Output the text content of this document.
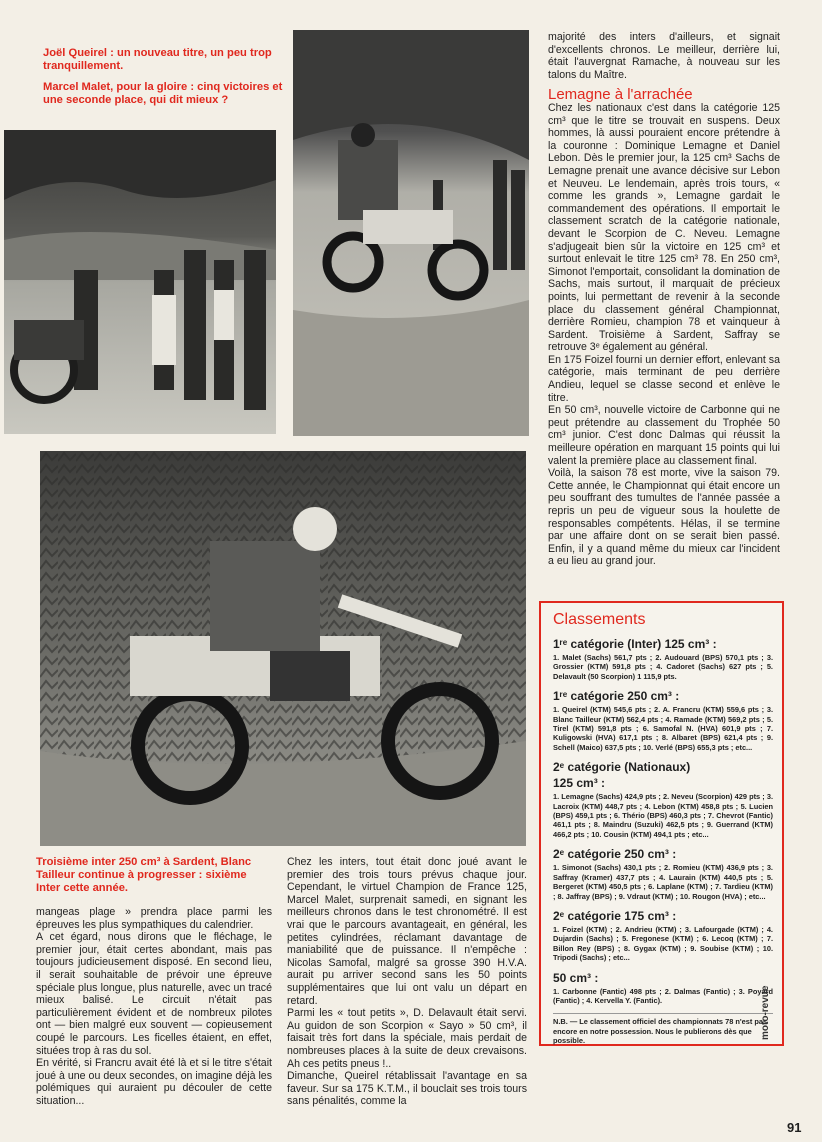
Joël Queirel : un nouveau titre, un peu trop tranquillement.
Marcel Malet, pour la gloire : cinq victoires et une seconde place, qui dit mieux ?
majorité des inters d'ailleurs, et signait d'excellents chronos. Le meilleur, derrière lui, était l'auvergnat Ramache, à nouveau sur les talons du Maître.
Lemagne à l'arrachée

Chez les nationaux c'est dans la catégorie 125 cm³ que le titre se trouvait en suspens. Deux hommes, là aussi pouraient encore prétendre à la couronne : Dominique Lemagne et Daniel Lebon. Dès le premier jour, la 125 cm³ Sachs de Lemagne prenait une avance décisive sur Lebon et Neuveu. Le lendemain, après trois tours, « comme les grands », Lemagne gardait le commandement des opérations. Il emportait le classement scratch de la catégorie nationale, devant le Scorpion de C. Neveu. Lemagne s'adjugeait bien sûr la victoire en 125 cm³ et surtout enlevait le titre 125 cm³ 78. En 250 cm³, Simonot l'emportait, consolidant la domination de Sachs, mais surtout, il marquait de précieux points, lui permettant de revenir à la seconde place du classement général Championnat, derrière Romieu, champion 78 et vainqueur à Sardent. Troisième à Sardent, Saffray se retrouve 3ᵉ également au général.

En 175 Foizel fourni un dernier effort, enlevant sa catégorie, mais terminant de peu derrière Andieu, lequel se classe second et enlève le titre.

En 50 cm³, nouvelle victoire de Carbonne qui ne peut prétendre au classement du Trophée 50 cm³ junior. C'est donc Dalmas qui réussit la meilleure opération en marquant 15 points qui lui valent la première place au classement final.

Voilà, la saison 78 est morte, vive la saison 79. Cette année, le Championnat qui était encore un peu souffrant des tumultes de l'année passée a repris un peu de vigueur sous la houlette de responsables compétents. Hélas, il se termine par une affaire dont on se serait bien passé. Enfin, il y a quand même du mieux car l'incident a eu lieu au grand jour.

Troisième inter 250 cm³ à Sardent, Blanc Tailleur continue à progresser : sixième Inter cette année.

mangeas plage » prendra place parmi les épreuves les plus sympathiques du calendrier.

A cet égard, nous dirons que le fléchage, le premier jour, était certes abondant, mais pas toujours judicieusement disposé. En second lieu, il serait souhaitable de prévoir une épreuve spéciale plus longue, plus naturelle, avec un tracé mieux balisé. Le circuit n'était pas particulièrement évident et de nombreux pilotes ont — bien malgré eux souvent — copieusement coupé le parcours. Les ficelles étaient, en effet, situées trop à ras du sol.

En vérité, si Francru avait été là et si le titre s'était joué à une ou deux secondes, on imagine déjà les polémiques qui auraient pu découler de cette situation...

Chez les inters, tout était donc joué avant le premier des trois tours prévus chaque jour. Cependant, le virtuel Champion de France 125, Marcel Malet, surprenait samedi, en signant les meilleurs chronos dans le test chronométré. Il est vrai que le parcours avantageait, en général, les petites cylindrées, réclamant davantage de maniabilité que de puissance. Il n'empêche : Nicolas Samofal, malgré sa grosse 390 H.V.A. aurait pu arriver second sans les 50 points supplémentaires que lui ont valu un départ en retard.

Parmi les « tout petits », D. Delavault était servi. Au guidon de son Scorpion « Sayo » 50 cm³, il faisait très fort dans la spéciale, mais perdait de nombreuses places à la suite de deux crevaisons. Ah ces petits pneus !..

Dimanche, Queirel rétablissait l'avantage en sa faveur. Sur sa 175 K.T.M., il bouclait ses trois tours sans pénalités, comme la

Classements
1ʳᵉ catégorie (Inter) 125 cm³ :
1. Malet (Sachs) 561,7 pts ; 2. Audouard (BPS) 570,1 pts ; 3. Grossier (KTM) 591,8 pts ; 4. Cadoret (Sachs) 627 pts ; 5. Delavault (50 Scorpion) 1 115,9 pts.
1ʳᵉ catégorie 250 cm³ :
1. Queirel (KTM) 545,6 pts ; 2. A. Francru (KTM) 559,6 pts ; 3. Blanc Tailleur (KTM) 562,4 pts ; 4. Ramade (KTM) 569,2 pts ; 5. Tirel (KTM) 591,8 pts ; 6. Samofal N. (HVA) 601,9 pts ; 7. Kuligowski (HVA) 617,1 pts ; 8. Albaret (BPS) 621,4 pts ; 9. Schell (Maico) 637,5 pts ; 10. Verlé (BPS) 655,3 pts ; etc...
2ᵉ catégorie (Nationaux)
125 cm³ :
1. Lemagne (Sachs) 424,9 pts ; 2. Neveu (Scorpion) 429 pts ; 3. Lacroix (KTM) 448,7 pts ; 4. Lebon (KTM) 458,8 pts ; 5. Lucien (BPS) 459,1 pts ; 6. Thério (BPS) 460,3 pts ; 7. Chevrot (Fantic) 461,1 pts ; 8. Maindru (Suzuki) 462,5 pts ; 9. Guerrand (KTM) 466,2 pts ; 10. Cousin (KTM) 494,1 pts ; etc...
2ᵉ catégorie 250 cm³ :
1. Simonot (Sachs) 430,1 pts ; 2. Romieu (KTM) 436,9 pts ; 3. Saffray (Kramer) 437,7 pts ; 4. Laurain (KTM) 440,5 pts ; 5. Bergeret (KTM) 450,5 pts ; 6. Laplane (KTM) ; 7. Tardieu (KTM) ; 8. Jaffray (BPS) ; 9. Vdraut (KTM) ; 10. Rougon (HVA) ; etc...
2ᵉ catégorie 175 cm³ :
1. Foizel (KTM) ; 2. Andrieu (KTM) ; 3. Lafourgade (KTM) ; 4. Dujardin (Sachs) ; 5. Fregonese (KTM) ; 6. Lecoq (KTM) ; 7. Billon Rey (BPS) ; 8. Gygax (KTM) ; 9. Soubise (KTM) ; 10. Tripodi (Sachs) ; etc...
50 cm³ :
1. Carbonne (Fantic) 498 pts ; 2. Dalmas (Fantic) ; 3. Poyard (Fantic) ; 4. Kervella Y. (Fantic).
N.B. — Le classement officiel des championnats 78 n'est pas encore en notre possession. Nous le publierons dès que possible.
moto-revue
91
